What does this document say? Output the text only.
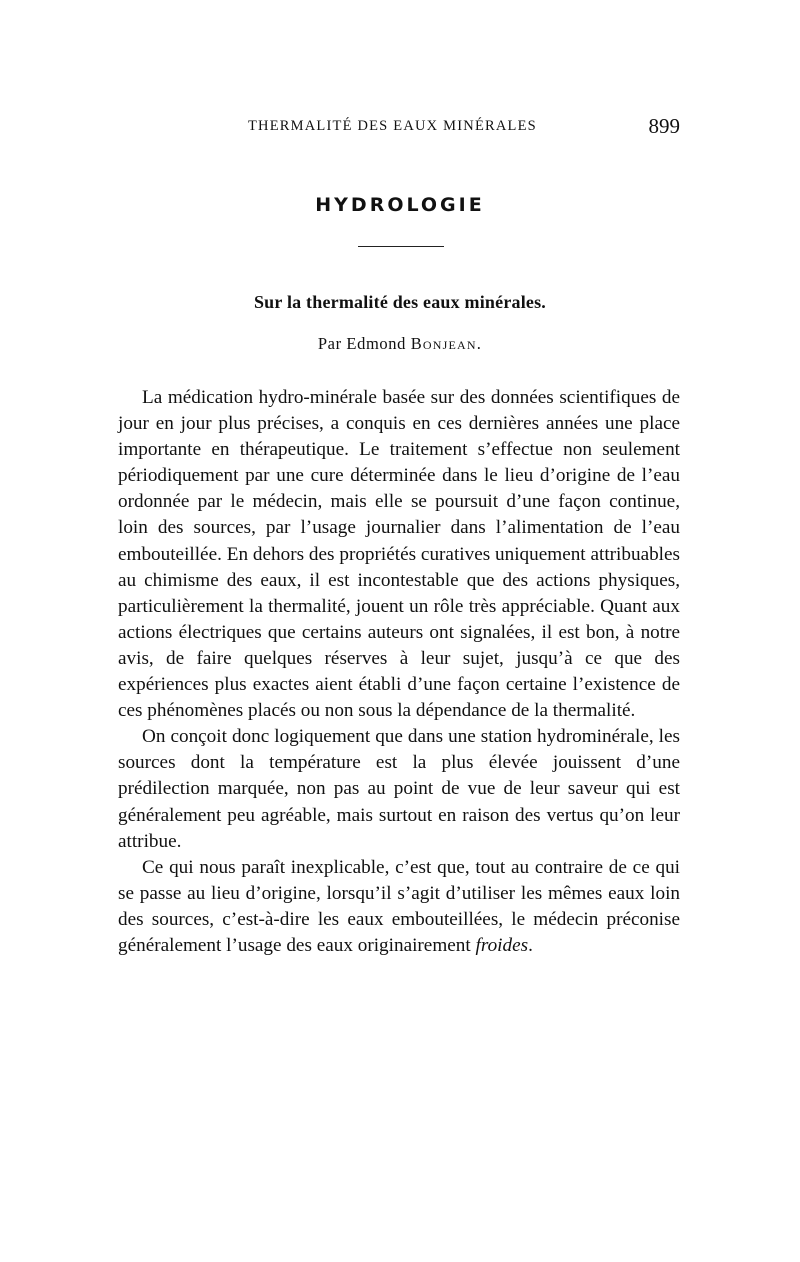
THERMALITÉ DES EAUX MINÉRALES	899
HYDROLOGIE
Sur la thermalité des eaux minérales.
Par Edmond Bonjean.

La médication hydro-minérale basée sur des données scientifiques de jour en jour plus précises, a conquis en ces dernières années une place importante en thérapeutique. Le traitement s’effectue non seulement périodiquement par une cure déterminée dans le lieu d’origine de l’eau ordonnée par le médecin, mais elle se poursuit d’une façon continue, loin des sources, par l’usage journalier dans l’alimentation de l’eau embouteillée. En dehors des propriétés curatives uniquement attribuables au chimisme des eaux, il est incontestable que des actions physiques, particulièrement la thermalité, jouent un rôle très appréciable. Quant aux actions électriques que certains auteurs ont signalées, il est bon, à notre avis, de faire quelques réserves à leur sujet, jusqu’à ce que des expériences plus exactes aient établi d’une façon certaine l’existence de ces phénomènes placés ou non sous la dépendance de la thermalité.

On conçoit donc logiquement que dans une station hydrominérale, les sources dont la température est la plus élevée jouissent d’une prédilection marquée, non pas au point de vue de leur saveur qui est généralement peu agréable, mais surtout en raison des vertus qu’on leur attribue.

Ce qui nous paraît inexplicable, c’est que, tout au contraire de ce qui se passe au lieu d’origine, lorsqu’il s’agit d’utiliser les mêmes eaux loin des sources, c’est-à-dire les eaux embouteillées, le médecin préconise généralement l’usage des eaux originairement froides.
